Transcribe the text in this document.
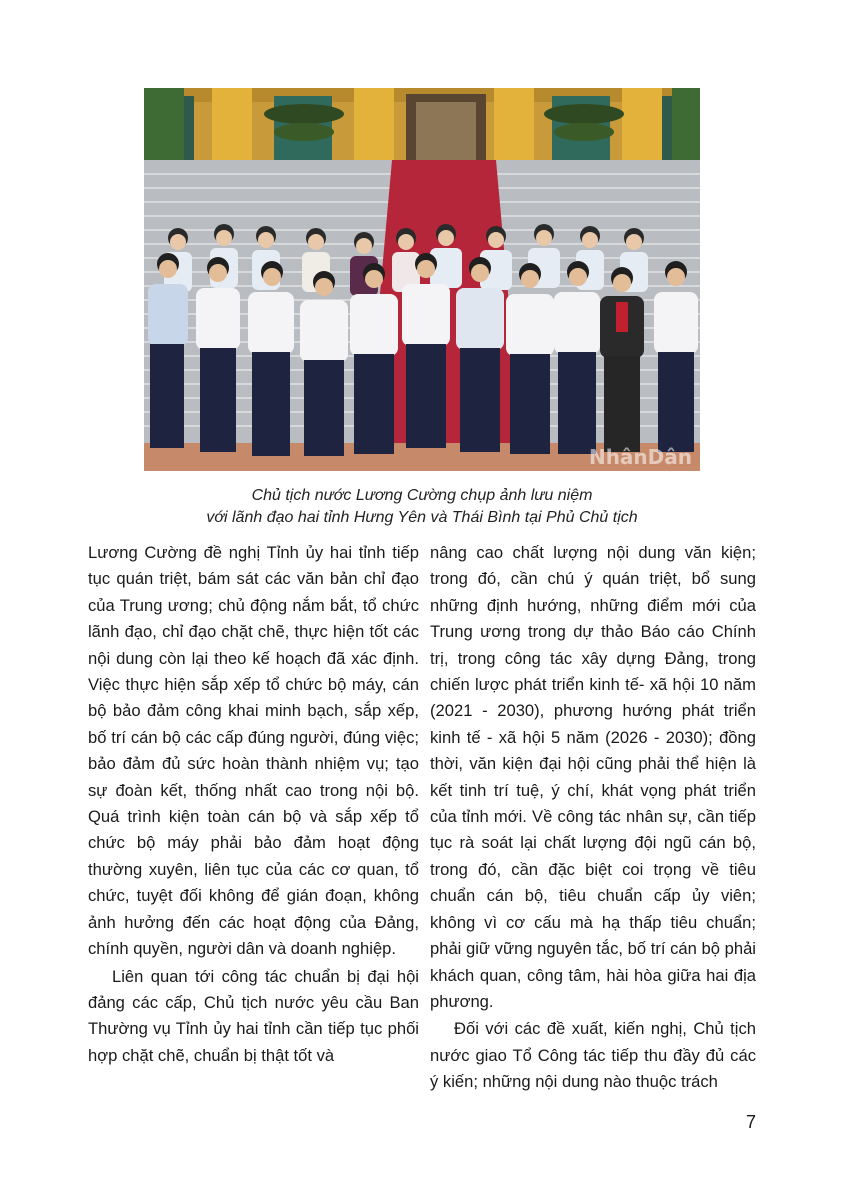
NhânDân
Chủ tịch nước Lương Cường chụp ảnh lưu niệm
với lãnh đạo hai tỉnh Hưng Yên và Thái Bình tại Phủ Chủ tịch

Lương Cường đề nghị Tỉnh ủy hai tỉnh tiếp tục quán triệt, bám sát các văn bản chỉ đạo của Trung ương; chủ động nắm bắt, tổ chức lãnh đạo, chỉ đạo chặt chẽ, thực hiện tốt các nội dung còn lại theo kế hoạch đã xác định. Việc thực hiện sắp xếp tổ chức bộ máy, cán bộ bảo đảm công khai minh bạch, sắp xếp, bố trí cán bộ các cấp đúng người, đúng việc; bảo đảm đủ sức hoàn thành nhiệm vụ; tạo sự đoàn kết, thống nhất cao trong nội bộ. Quá trình kiện toàn cán bộ và sắp xếp tổ chức bộ máy phải bảo đảm hoạt động thường xuyên, liên tục của các cơ quan, tổ chức, tuyệt đối không để gián đoạn, không ảnh hưởng đến các hoạt động của Đảng, chính quyền, người dân và doanh nghiệp.

Liên quan tới công tác chuẩn bị đại hội đảng các cấp, Chủ tịch nước yêu cầu Ban Thường vụ Tỉnh ủy hai tỉnh cần tiếp tục phối hợp chặt chẽ, chuẩn bị thật tốt và

nâng cao chất lượng nội dung văn kiện; trong đó, cần chú ý quán triệt, bổ sung những định hướng, những điểm mới của Trung ương trong dự thảo Báo cáo Chính trị, trong công tác xây dựng Đảng, trong chiến lược phát triển kinh tế- xã hội 10 năm (2021 - 2030), phương hướng phát triển kinh tế - xã hội 5 năm (2026 - 2030); đồng thời, văn kiện đại hội cũng phải thể hiện là kết tinh trí tuệ, ý chí, khát vọng phát triển của tỉnh mới. Về công tác nhân sự, cần tiếp tục rà soát lại chất lượng đội ngũ cán bộ, trong đó, cần đặc biệt coi trọng về tiêu chuẩn cán bộ, tiêu chuẩn cấp ủy viên; không vì cơ cấu mà hạ thấp tiêu chuẩn; phải giữ vững nguyên tắc, bố trí cán bộ phải khách quan, công tâm, hài hòa giữa hai địa phương.

Đối với các đề xuất, kiến nghị, Chủ tịch nước giao Tổ Công tác tiếp thu đầy đủ các ý kiến; những nội dung nào thuộc trách

7
